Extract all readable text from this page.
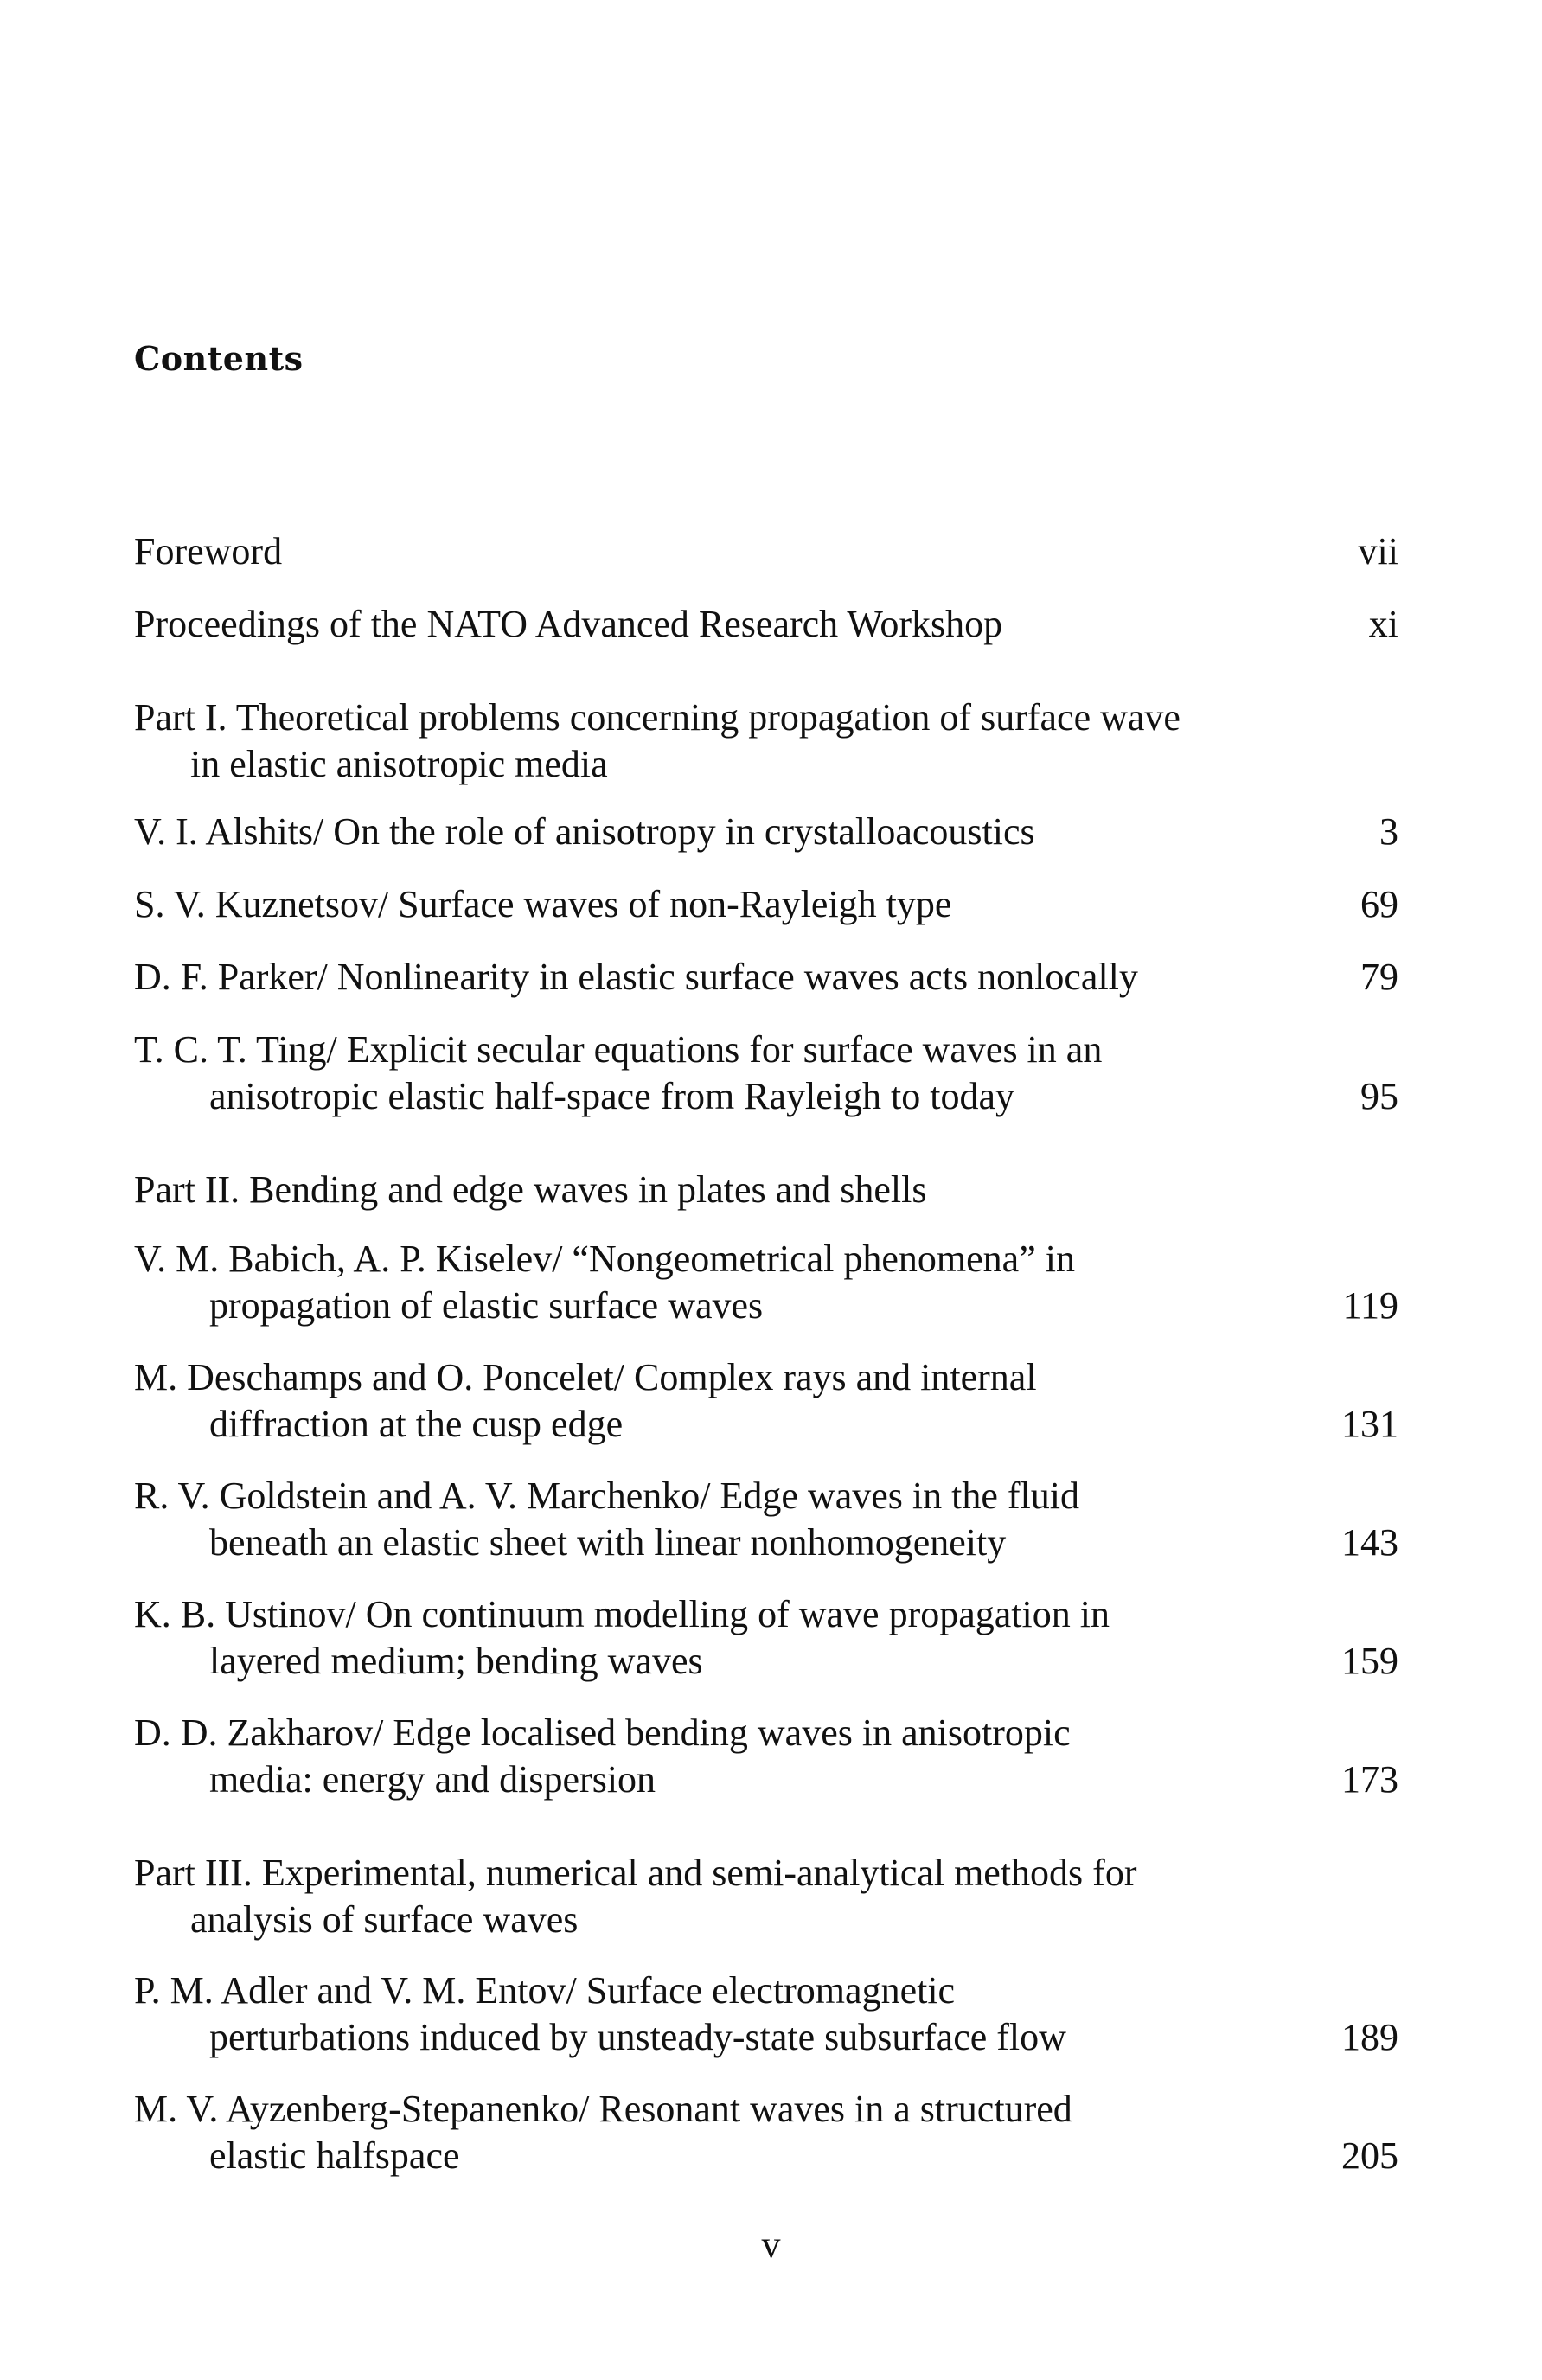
Contents
Foreword	vii
Proceedings of the NATO Advanced Research Workshop	xi
Part I. Theoretical problems concerning propagation of surface wave
in elastic anisotropic media
V. I. Alshits/ On the role of anisotropy in crystalloacoustics	3
S. V. Kuznetsov/ Surface waves of non-Rayleigh type	69
D. F. Parker/ Nonlinearity in elastic surface waves acts nonlocally	79
T. C. T. Ting/ Explicit secular equations for surface waves in an
anisotropic elastic half-space from Rayleigh to today	95
Part II. Bending and edge waves in plates and shells
V. M. Babich, A. P. Kiselev/ “Nongeometrical phenomena” in
propagation of elastic surface waves	119
M. Deschamps and O. Poncelet/ Complex rays and internal
diffraction at the cusp edge	131
R. V. Goldstein and A. V. Marchenko/ Edge waves in the fluid
beneath an elastic sheet with linear nonhomogeneity	143
K. B. Ustinov/ On continuum modelling of wave propagation in
layered medium; bending waves	159
D. D. Zakharov/ Edge localised bending waves in anisotropic
media: energy and dispersion	173
Part III. Experimental, numerical and semi-analytical methods for
analysis of surface waves
P. M. Adler and V. M. Entov/ Surface electromagnetic
perturbations induced by unsteady-state subsurface flow	189
M. V. Ayzenberg-Stepanenko/ Resonant waves in a structured
elastic halfspace	205
v
